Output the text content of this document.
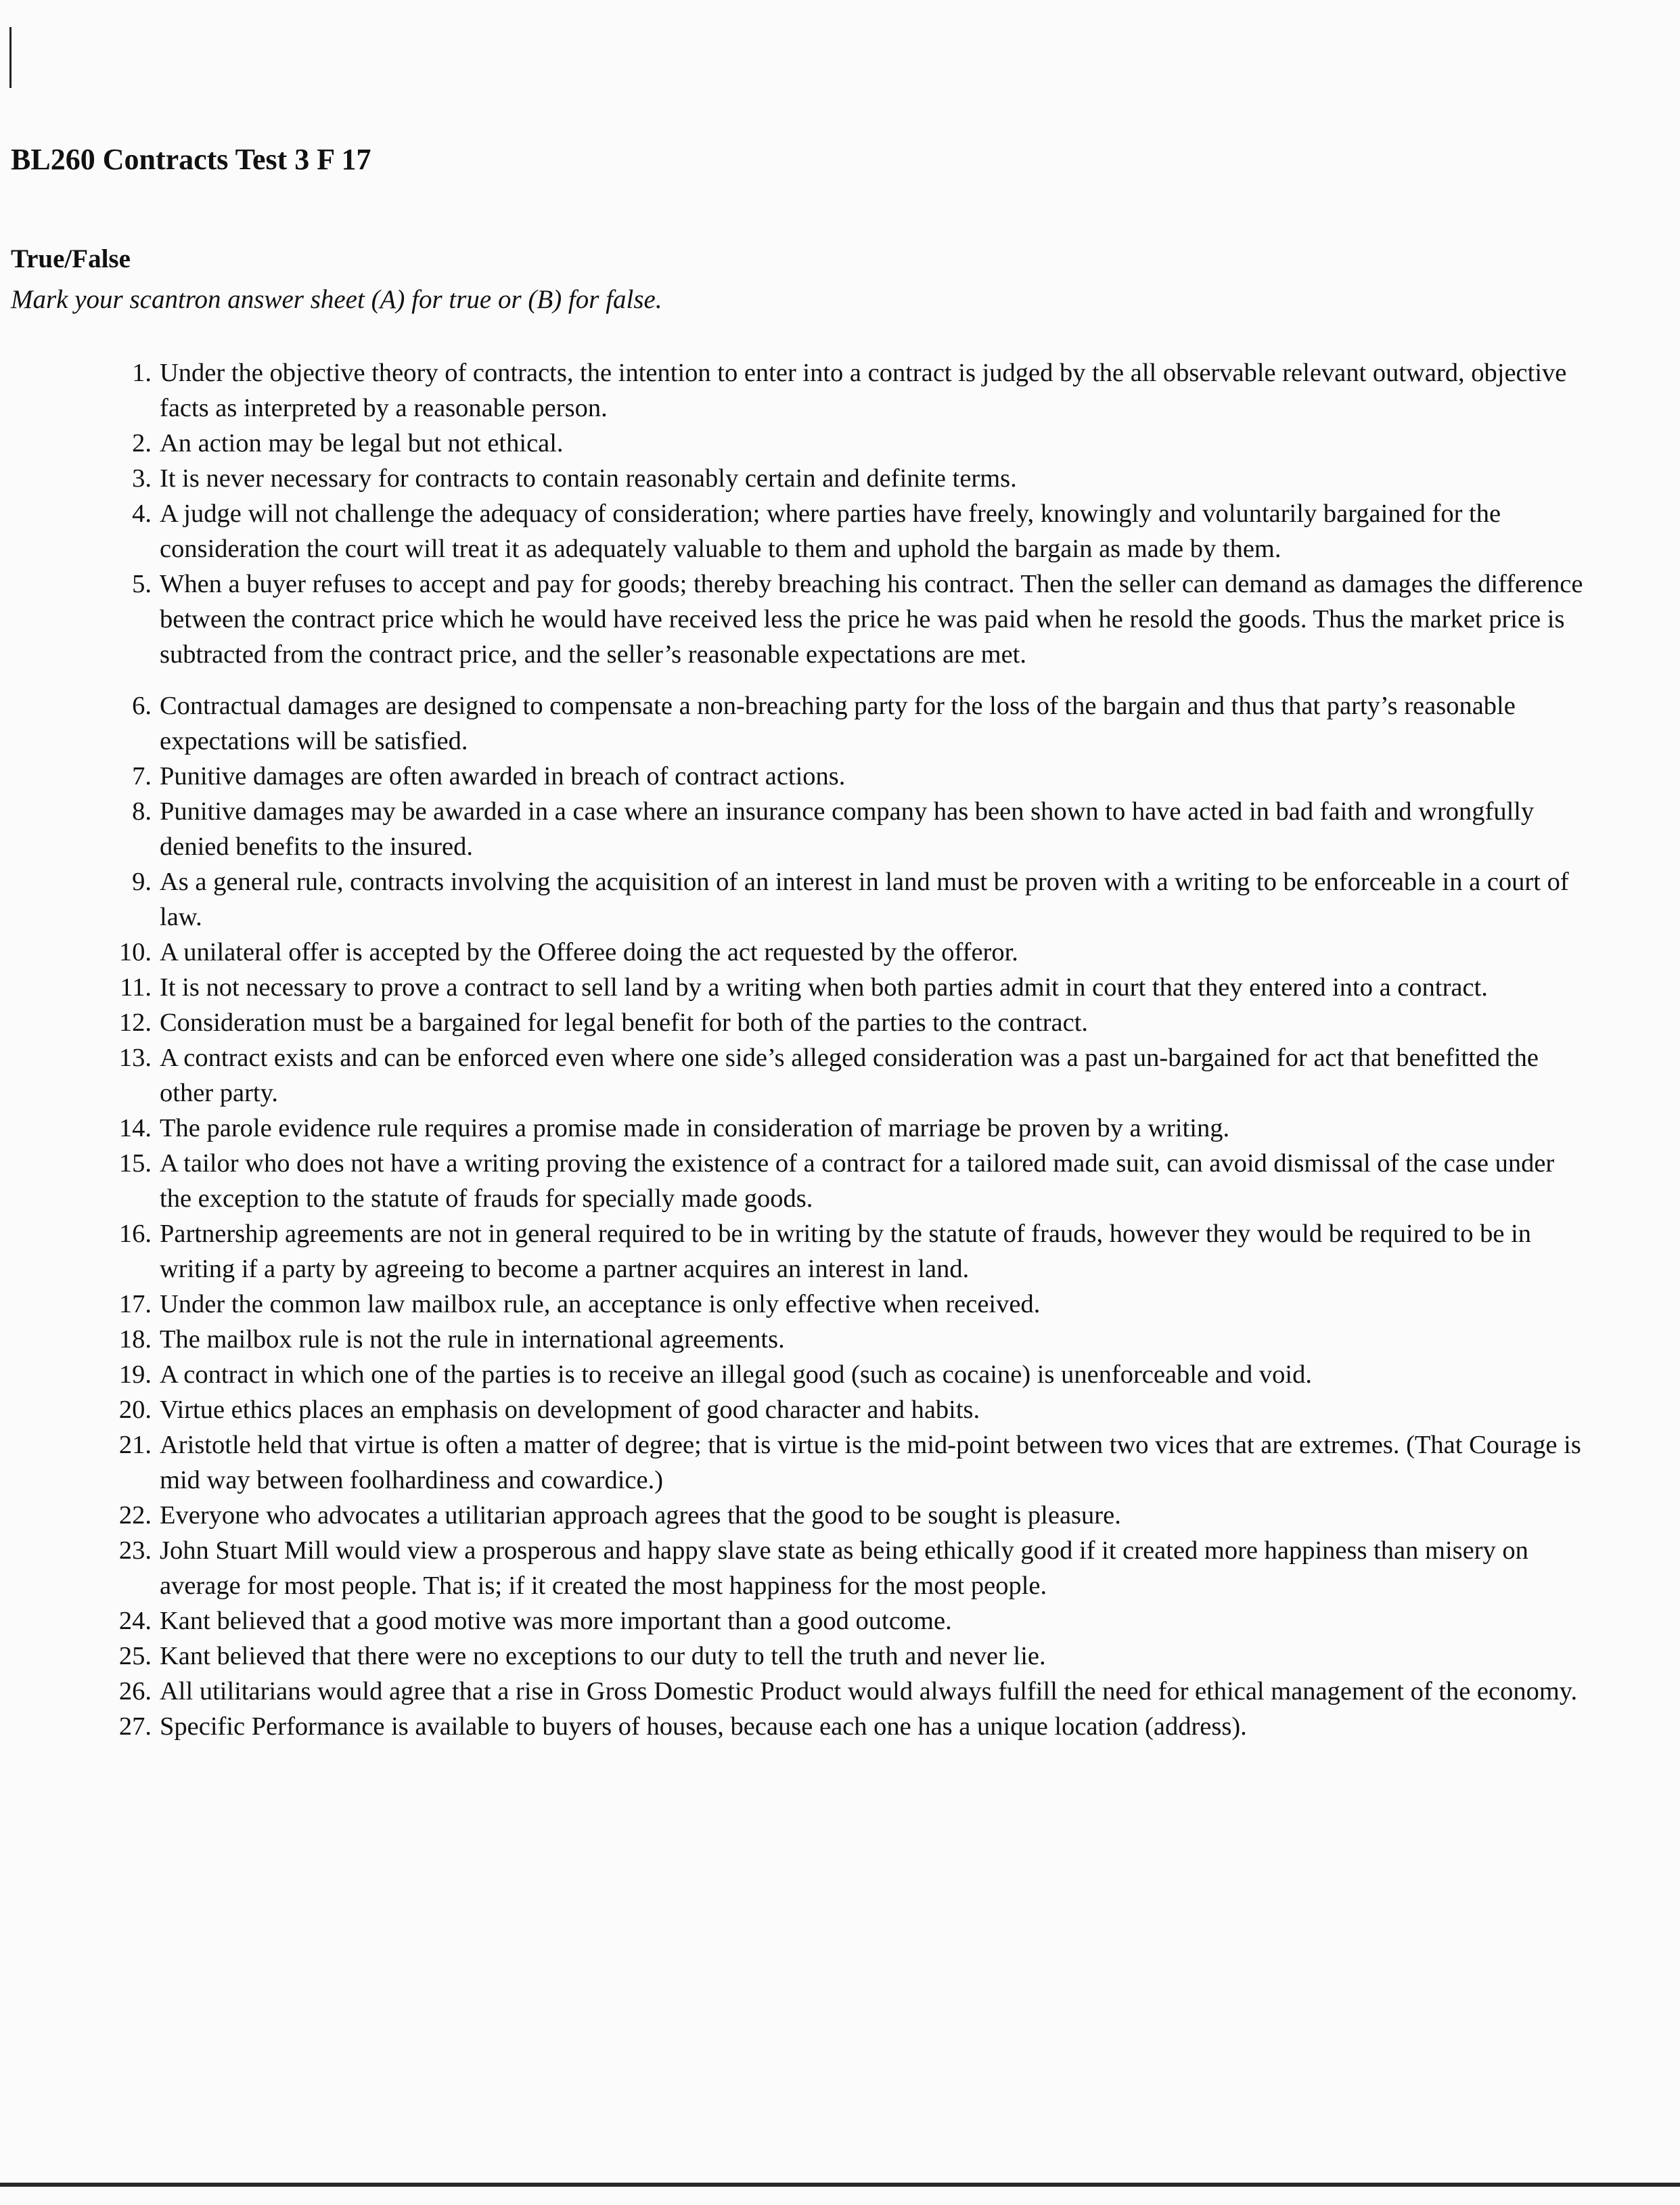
BL260 Contracts Test 3 F 17
True/False

Mark your scantron answer sheet (A) for true or (B) for false.

1. Under the objective theory of contracts, the intention to enter into a contract is judged by the all observable relevant outward, objective facts as interpreted by a reasonable person.
2. An action may be legal but not ethical.
3. It is never necessary for contracts to contain reasonably certain and definite terms.
4. A judge will not challenge the adequacy of consideration; where parties have freely, knowingly and voluntarily bargained for the consideration the court will treat it as adequately valuable to them and uphold the bargain as made by them.
5. When a buyer refuses to accept and pay for goods; thereby breaching his contract. Then the seller can demand as damages the difference between the contract price which he would have received less the price he was paid when he resold the goods. Thus the market price is subtracted from the contract price, and the seller’s reasonable expectations are met.
6. Contractual damages are designed to compensate a non-breaching party for the loss of the bargain and thus that party’s reasonable expectations will be satisfied.
7. Punitive damages are often awarded in breach of contract actions.
8. Punitive damages may be awarded in a case where an insurance company has been shown to have acted in bad faith and wrongfully denied benefits to the insured.
9. As a general rule, contracts involving the acquisition of an interest in land must be proven with a writing to be enforceable in a court of law.
10. A unilateral offer is accepted by the Offeree doing the act requested by the offeror.
11. It is not necessary to prove a contract to sell land by a writing when both parties admit in court that they entered into a contract.
12. Consideration must be a bargained for legal benefit for both of the parties to the contract.
13. A contract exists and can be enforced even where one side’s alleged consideration was a past un-bargained for act that benefitted the other party.
14. The parole evidence rule requires a promise made in consideration of marriage be proven by a writing.
15. A tailor who does not have a writing proving the existence of a contract for a tailored made suit, can avoid dismissal of the case under the exception to the statute of frauds for specially made goods.
16. Partnership agreements are not in general required to be in writing by the statute of frauds, however they would be required to be in writing if a party by agreeing to become a partner acquires an interest in land.
17. Under the common law mailbox rule, an acceptance is only effective when received.
18. The mailbox rule is not the rule in international agreements.
19. A contract in which one of the parties is to receive an illegal good (such as cocaine) is unenforceable and void.
20. Virtue ethics places an emphasis on development of good character and habits.
21. Aristotle held that virtue is often a matter of degree; that is virtue is the mid-point between two vices that are extremes. (That Courage is mid way between foolhardiness and cowardice.)
22. Everyone who advocates a utilitarian approach agrees that the good to be sought is pleasure.
23. John Stuart Mill would view a prosperous and happy slave state as being ethically good if it created more happiness than misery on average for most people. That is; if it created the most happiness for the most people.
24. Kant believed that a good motive was more important than a good outcome.
25. Kant believed that there were no exceptions to our duty to tell the truth and never lie.
26. All utilitarians would agree that a rise in Gross Domestic Product would always fulfill the need for ethical management of the economy.
27. Specific Performance is available to buyers of houses, because each one has a unique location (address).
